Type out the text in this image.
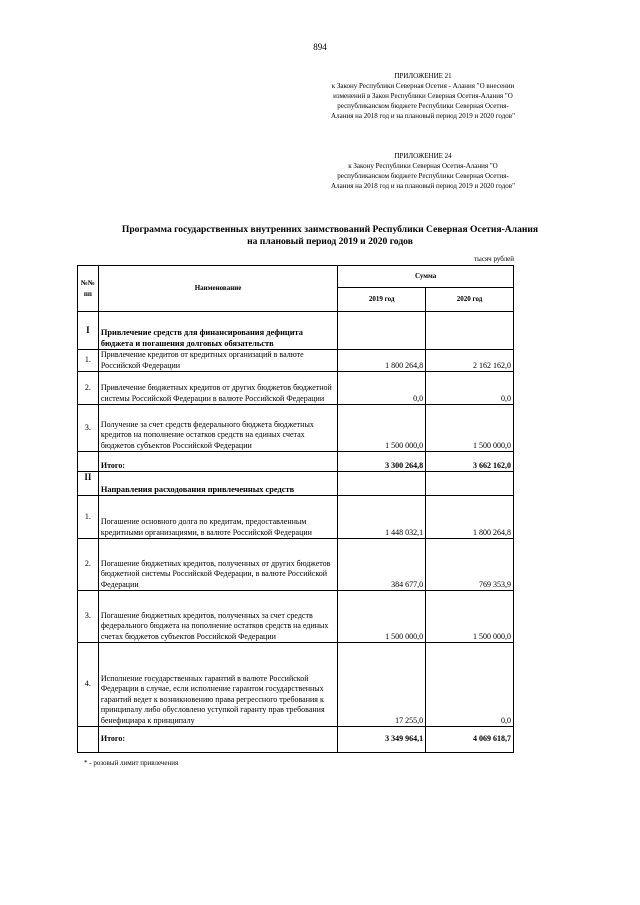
894
ПРИЛОЖЕНИЕ 21
к Закону Республики Северная Осетия - Алания "О внесении изменений в Закон Республики Северная Осетия-Алания "О республиканском бюджете Республики Северная Осетия-Алания на 2018 год и на плановый период 2019 и 2020 годов"
ПРИЛОЖЕНИЕ 24
к Закону Республики Северная Осетия-Алания "О республиканском бюджете Республики Северная Осетия-Алания на 2018 год и на плановый период 2019 и 2020 годов"
Программа государственных внутренних заимствований Республики Северная Осетия-Алания
на плановый период 2019 и 2020 годов
тысяч рублей
№№ пп	Наименование	Сумма	
		2019 год	2020 год
I	Привлечение средств для финансирования дефицита бюджета и погашения долговых обязательств		
1.	Привлечение кредитов от кредитных организаций в валюте Российской Федерации	1 800 264,8	2 162 162,0
2.	Привлечение бюджетных кредитов от других бюджетов бюджетной системы Российской Федерации в валюте Российской Федерации	0,0	0,0
3.	Получение за счет средств федерального бюджета бюджетных кредитов на пополнение остатков средств на единых счетах бюджетов субъектов Российской Федерации	1 500 000,0	1 500 000,0
	Итого:	3 300 264,8	3 662 162,0
II	Направления расходования привлеченных средств		
1.	Погашение основного долга по кредитам, предоставленным кредитными организациями, в валюте Российской Федерации	1 448 032,1	1 800 264,8
2.	Погашение бюджетных кредитов, полученных от других бюджетов бюджетной системы Российской Федерации, в валюте Российской Федерации	384 677,0	769 353,9
3.	Погашение бюджетных кредитов, полученных за счет средств федерального бюджета на пополнение остатков средств на единых счетах бюджетов субъектов Российской Федерации	1 500 000,0	1 500 000,0
4.	Исполнение государственных гарантий в валюте Российской Федерации в случае, если исполнение гарантом государственных гарантий ведет к возникновению права регрессного требования к принципалу либо обусловлено уступкой гаранту прав требования бенефициара к принципалу	17 255,0	0,0
	Итого:	3 349 964,1	4 069 618,7
* - розовый лимит привлечения
